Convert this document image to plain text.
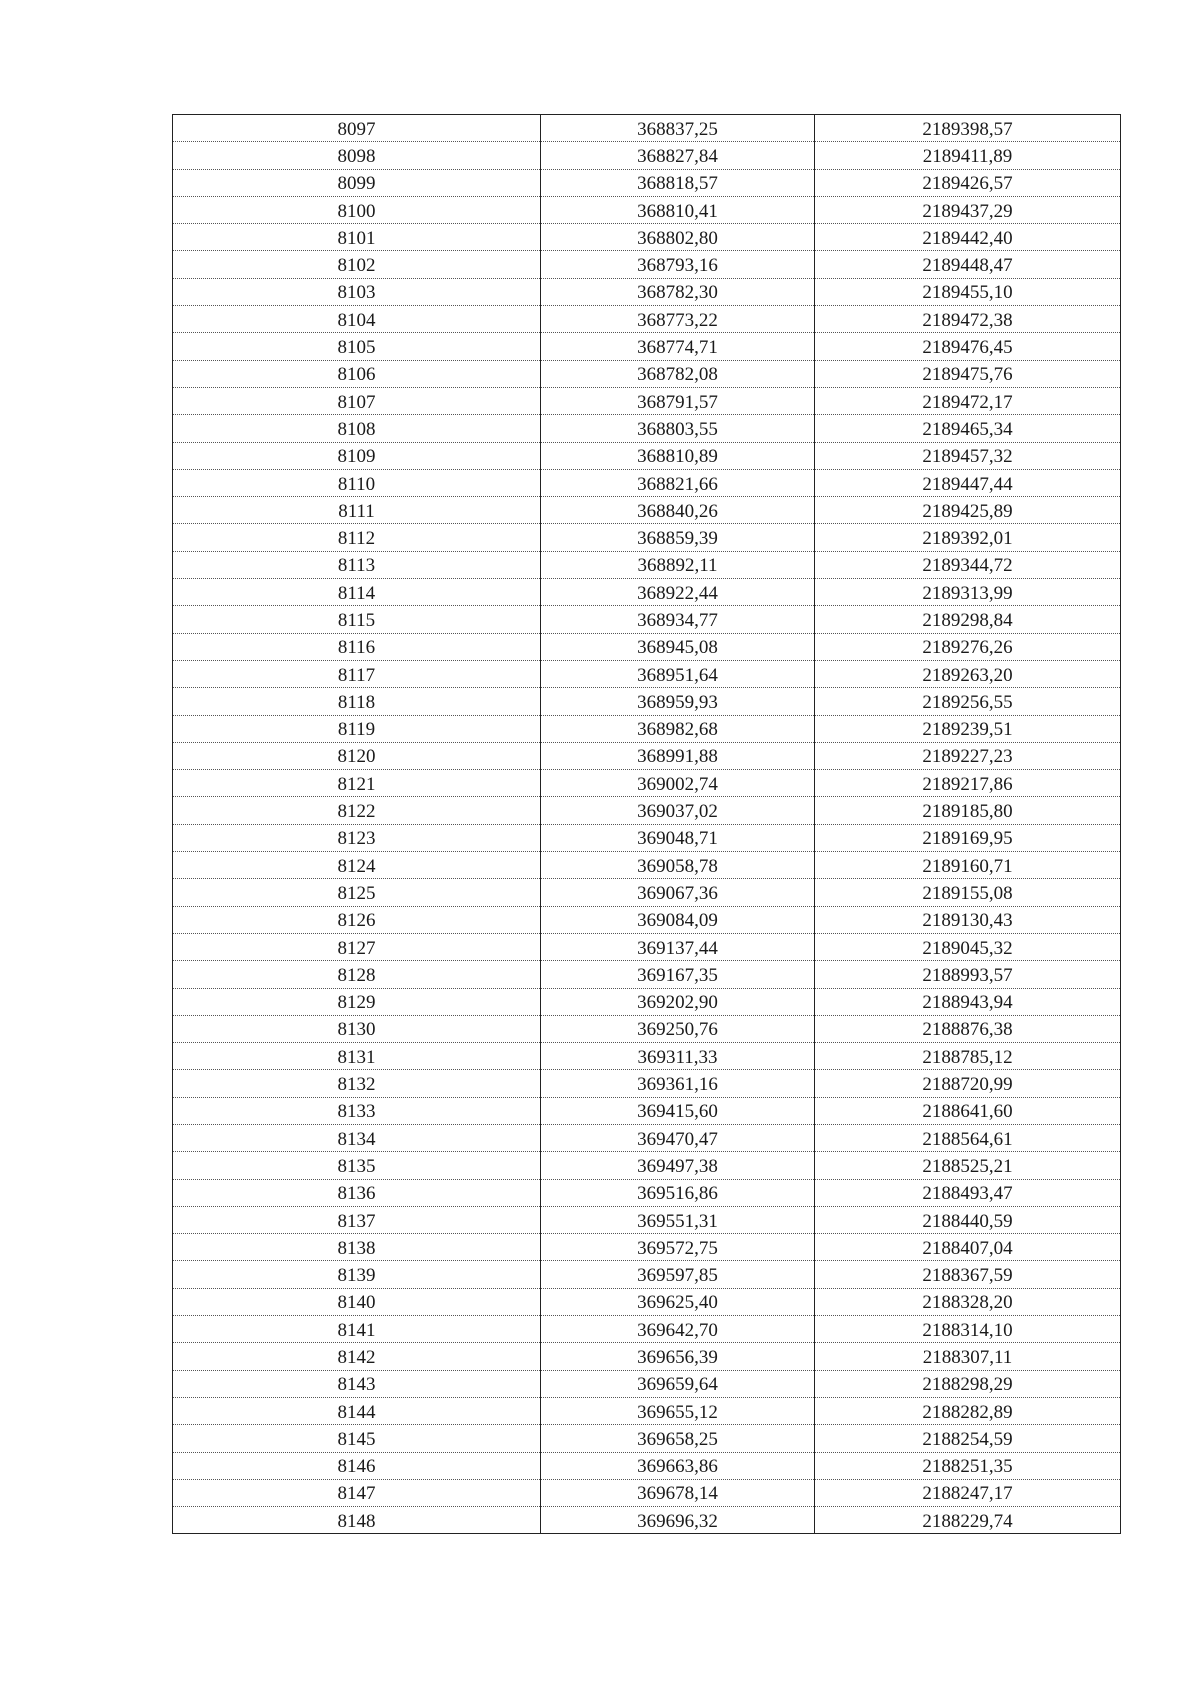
8097	368837,25	2189398,57
8098	368827,84	2189411,89
8099	368818,57	2189426,57
8100	368810,41	2189437,29
8101	368802,80	2189442,40
8102	368793,16	2189448,47
8103	368782,30	2189455,10
8104	368773,22	2189472,38
8105	368774,71	2189476,45
8106	368782,08	2189475,76
8107	368791,57	2189472,17
8108	368803,55	2189465,34
8109	368810,89	2189457,32
8110	368821,66	2189447,44
8111	368840,26	2189425,89
8112	368859,39	2189392,01
8113	368892,11	2189344,72
8114	368922,44	2189313,99
8115	368934,77	2189298,84
8116	368945,08	2189276,26
8117	368951,64	2189263,20
8118	368959,93	2189256,55
8119	368982,68	2189239,51
8120	368991,88	2189227,23
8121	369002,74	2189217,86
8122	369037,02	2189185,80
8123	369048,71	2189169,95
8124	369058,78	2189160,71
8125	369067,36	2189155,08
8126	369084,09	2189130,43
8127	369137,44	2189045,32
8128	369167,35	2188993,57
8129	369202,90	2188943,94
8130	369250,76	2188876,38
8131	369311,33	2188785,12
8132	369361,16	2188720,99
8133	369415,60	2188641,60
8134	369470,47	2188564,61
8135	369497,38	2188525,21
8136	369516,86	2188493,47
8137	369551,31	2188440,59
8138	369572,75	2188407,04
8139	369597,85	2188367,59
8140	369625,40	2188328,20
8141	369642,70	2188314,10
8142	369656,39	2188307,11
8143	369659,64	2188298,29
8144	369655,12	2188282,89
8145	369658,25	2188254,59
8146	369663,86	2188251,35
8147	369678,14	2188247,17
8148	369696,32	2188229,74
